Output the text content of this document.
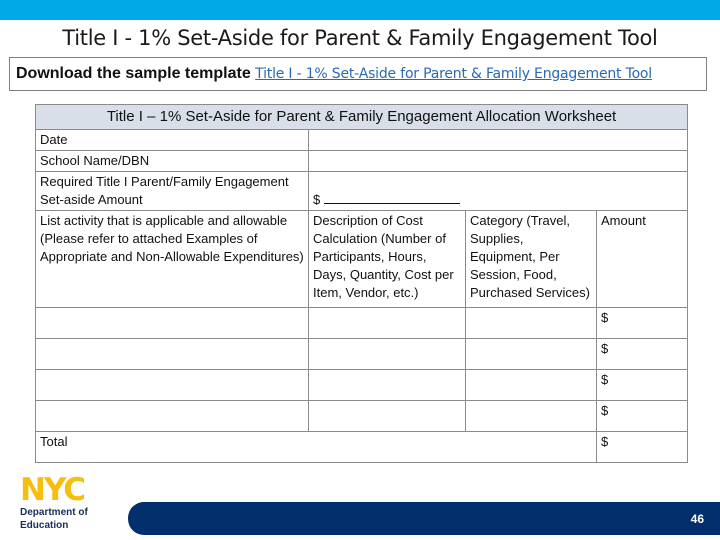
Title I - 1% Set-Aside for Parent & Family Engagement Tool
Download the sample template Title I - 1% Set-Aside for Parent & Family Engagement Tool
Title I – 1% Set-Aside for Parent & Family Engagement Allocation Worksheet			
Date			
School Name/DBN			
Required Title I Parent/Family Engagement Set-aside Amount	$		
List activity that is applicable and allowable (Please refer to attached Examples of Appropriate and Non-Allowable Expenditures)	Description of Cost Calculation (Number of Participants, Hours, Days, Quantity, Cost per Item, Vendor, etc.)	Category (Travel, Supplies, Equipment, Per Session, Food, Purchased Services)	Amount
			$
			$
			$
			$
Total			$
NYC
Department of
Education	46
